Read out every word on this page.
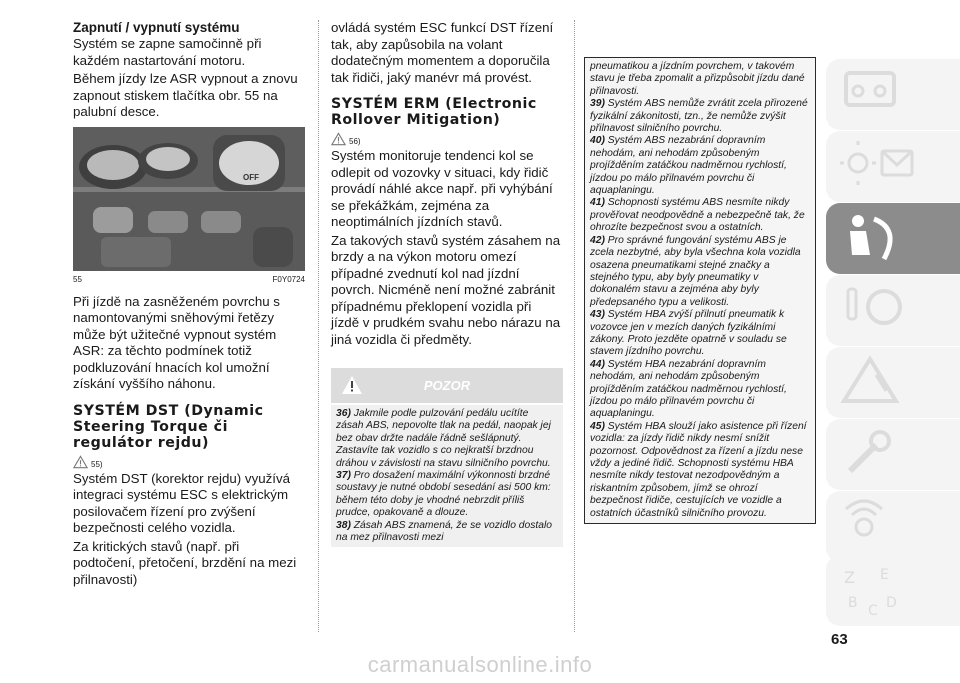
Zapnutí / vypnutí systému

Systém se zapne samočinně při každém nastartování motoru.

Během jízdy lze ASR vypnout a znovu zapnout stiskem tlačítka obr. 55 na palubní desce.

OFF
55	F0Y0724

Při jízdě na zasněženém povrchu s namontovanými sněhovými řetězy může být užitečné vypnout systém ASR: za těchto podmínek totiž podkluzování hnacích kol umožní získání vyššího náhonu.

SYSTÉM DST (Dynamic Steering Torque či regulátor rejdu)
55)

Systém DST (korektor rejdu) využívá integraci systému ESC s elektrickým posilovačem řízení pro zvýšení bezpečnosti celého vozidla.

Za kritických stavů (např. při podtočení, přetočení, brzdění na mezi přilnavosti)

ovládá systém ESC funkcí DST řízení tak, aby zapůsobila na volant dodatečným momentem a doporučila tak řidiči, jaký manévr má provést.

SYSTÉM ERM (Electronic Rollover Mitigation)
56)

Systém monitoruje tendenci kol se odlepit od vozovky v situaci, kdy řidič provádí náhlé akce např. při vyhýbání se překážkám, zejména za neoptimálních jízdních stavů.

Za takových stavů systém zásahem na brzdy a na výkon motoru omezí případné zvednutí kol nad jízdní povrch. Nicméně není možné zabránit případnému překlopení vozidla při jízdě v prudkém svahu nebo nárazu na jiná vozidla či předměty.

POZOR

36) Jakmile podle pulzování pedálu ucítíte zásah ABS, nepovolte tlak na pedál, naopak jej bez obav držte nadále řádně sešlápnutý. Zastavíte tak vozidlo s co nejkratší brzdnou dráhou v závislosti na stavu silničního povrchu.

37) Pro dosažení maximální výkonnosti brzdné soustavy je nutné období sesedání asi 500 km: během této doby je vhodné nebrzdit příliš prudce, opakovaně a dlouze.

38) Zásah ABS znamená, že se vozidlo dostalo na mez přilnavosti mezi

pneumatikou a jízdním povrchem, v takovém stavu je třeba zpomalit a přizpůsobit jízdu dané přilnavosti.

39) Systém ABS nemůže zvrátit zcela přirozené fyzikální zákonitosti, tzn., že nemůže zvýšit přilnavost silničního povrchu.

40) Systém ABS nezabrání dopravním nehodám, ani nehodám způsobeným projížděním zatáčkou nadměrnou rychlostí, jízdou po málo přilnavém povrchu či aquaplaningu.

41) Schopnosti systému ABS nesmíte nikdy prověřovat neodpovědně a nebezpečně tak, že ohrozíte bezpečnost svou a ostatních.

42) Pro správné fungování systému ABS je zcela nezbytné, aby byla všechna kola vozidla osazena pneumatikami stejné značky a stejného typu, aby byly pneumatiky v dokonalém stavu a zejména aby byly předepsaného typu a velikosti.

43) Systém HBA zvýší přilnutí pneumatik k vozovce jen v mezích daných fyzikálními zákony. Proto jezděte opatrně v souladu se stavem jízdního povrchu.

44) Systém HBA nezabrání dopravním nehodám, ani nehodám způsobeným projížděním zatáčkou nadměrnou rychlostí, jízdou po málo přilnavém povrchu či aquaplaningu.

45) Systém HBA slouží jako asistence při řízení vozidla: za jízdy řidič nikdy nesmí snížit pozornost. Odpovědnost za řízení a jízdu nese vždy a jediné řidič. Schopnosti systému HBA nesmíte nikdy testovat nezodpovědným a riskantním způsobem, jímž se ohrozí bezpečnost řidiče, cestujících ve vozidle a ostatních účastníků silničního provozu.

Z E
B C D
63
carmanualsonline.info
